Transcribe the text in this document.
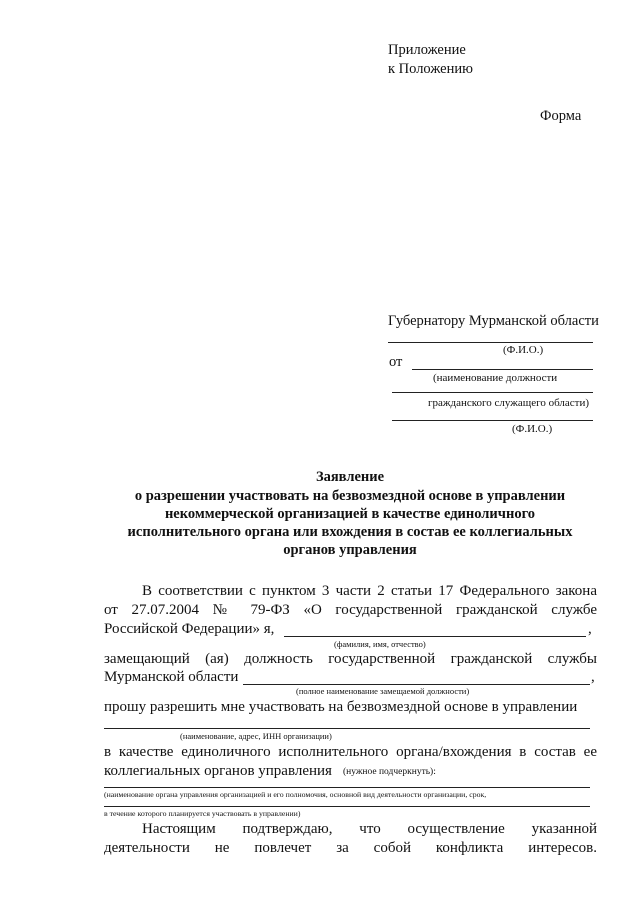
Приложение
к Положению
Форма
Губернатору Мурманской области
(Ф.И.О.)
от
(наименование должности
гражданского служащего области)
(Ф.И.О.)
Заявление
о разрешении участвовать на безвозмездной основе в управлении
некоммерческой организацией в качестве единоличного
исполнительного органа или вхождения в состав ее коллегиальных
органов управления
В соответствии с пунктом 3 части 2 статьи 17 Федерального закона
от 27.07.2004 № 79-ФЗ «О государственной гражданской службе
Российской Федерации» я,	,
(фамилия, имя, отчество)
замещающий (ая) должность государственной гражданской службы
Мурманской области	,
(полное наименование замещаемой должности)
прошу разрешить мне участвовать на безвозмездной основе в управлении
(наименование, адрес, ИНН организации)
в качестве единоличного исполнительного органа/вхождения в состав ее
коллегиальных органов управления (нужное подчеркнуть):
(наименование органа управления организацией и его полномочия, основной вид деятельности организации, срок,
в течение которого планируется участвовать в управлении)
Настоящим подтверждаю, что осуществление указанной
деятельности не повлечет за собой конфликта интересов.
